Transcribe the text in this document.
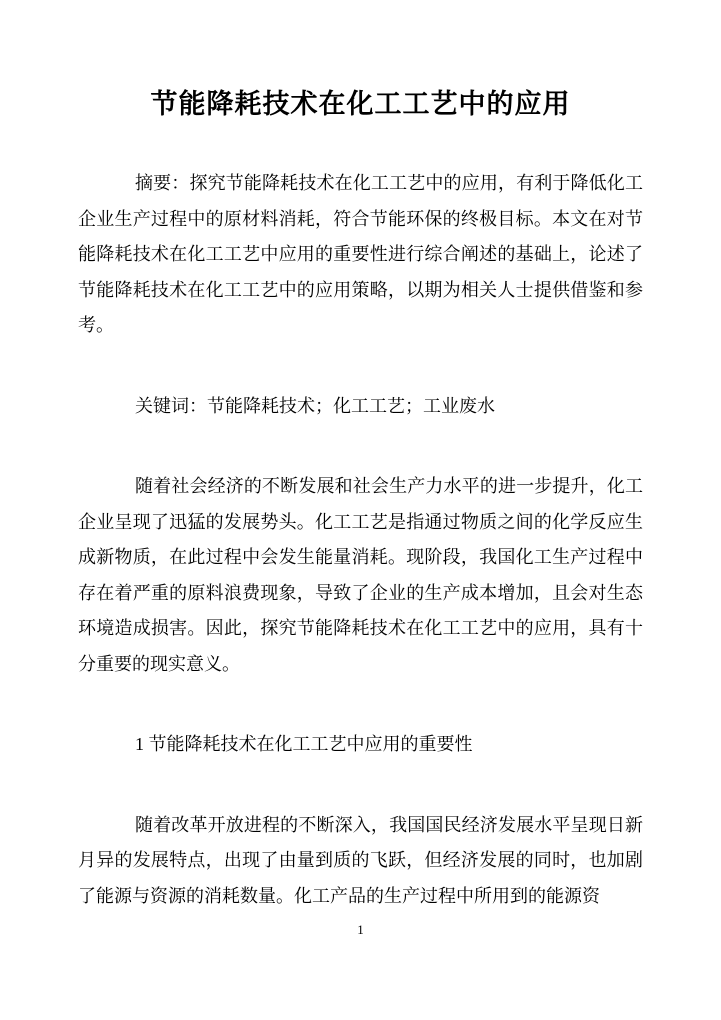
节能降耗技术在化工工艺中的应用

摘要：探究节能降耗技术在化工工艺中的应用，有利于降低化工企业生产过程中的原材料消耗，符合节能环保的终极目标。本文在对节能降耗技术在化工工艺中应用的重要性进行综合阐述的基础上，论述了节能降耗技术在化工工艺中的应用策略，以期为相关人士提供借鉴和参考。

关键词：节能降耗技术；化工工艺；工业废水

随着社会经济的不断发展和社会生产力水平的进一步提升，化工企业呈现了迅猛的发展势头。化工工艺是指通过物质之间的化学反应生成新物质，在此过程中会发生能量消耗。现阶段，我国化工生产过程中存在着严重的原料浪费现象，导致了企业的生产成本增加，且会对生态环境造成损害。因此，探究节能降耗技术在化工工艺中的应用，具有十分重要的现实意义。

1 节能降耗技术在化工工艺中应用的重要性

随着改革开放进程的不断深入，我国国民经济发展水平呈现日新月异的发展特点，出现了由量到质的飞跃，但经济发展的同时，也加剧了能源与资源的消耗数量。化工产品的生产过程中所用到的能源资

1
